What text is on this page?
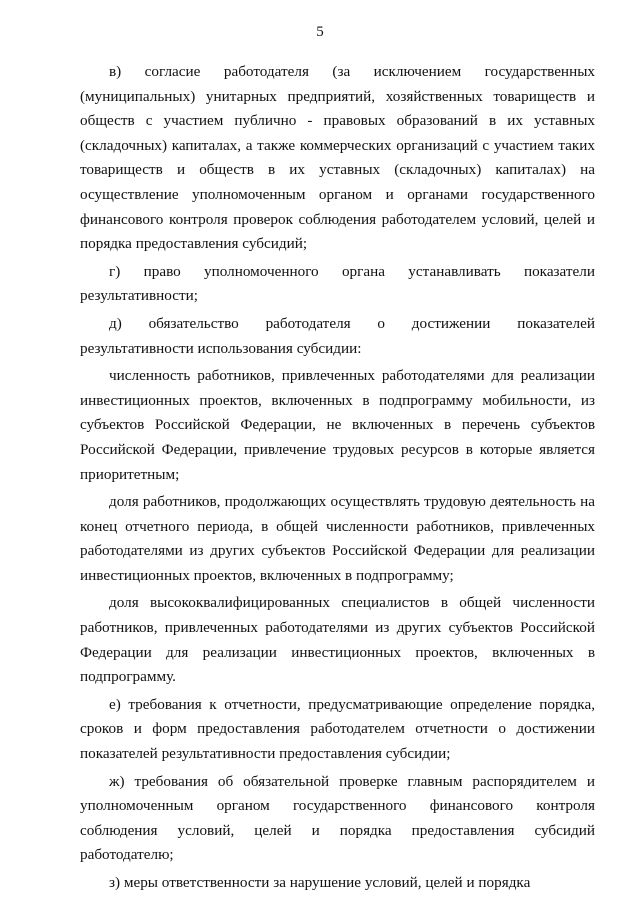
5

в) согласие работодателя (за исключением государственных (муниципальных) унитарных предприятий, хозяйственных товариществ и обществ с участием публично - правовых образований в их уставных (складочных) капиталах, а также коммерческих организаций с участием таких товариществ и обществ в их уставных (складочных) капиталах) на осуществление уполномоченным органом и органами государственного финансового контроля проверок соблюдения работодателем условий, целей и порядка предоставления субсидий;

г) право уполномоченного органа устанавливать показатели результативности;

д) обязательство работодателя о достижении показателей результативности использования субсидии:

численность работников, привлеченных работодателями для реализации инвестиционных проектов, включенных в подпрограмму мобильности, из субъектов Российской Федерации, не включенных в перечень субъектов Российской Федерации, привлечение трудовых ресурсов в которые является приоритетным;

доля работников, продолжающих осуществлять трудовую деятельность на конец отчетного периода, в общей численности работников, привлеченных работодателями из других субъектов Российской Федерации для реализации инвестиционных проектов, включенных в подпрограмму;

доля высококвалифицированных специалистов в общей численности работников, привлеченных работодателями из других субъектов Российской Федерации для реализации инвестиционных проектов, включенных в подпрограмму.

е) требования к отчетности, предусматривающие определение порядка, сроков и форм предоставления работодателем отчетности о достижении показателей результативности предоставления субсидии;

ж) требования об обязательной проверке главным распорядителем и уполномоченным органом государственного финансового контроля соблюдения условий, целей и порядка предоставления субсидий работодателю;

з) меры ответственности за нарушение условий, целей и порядка
